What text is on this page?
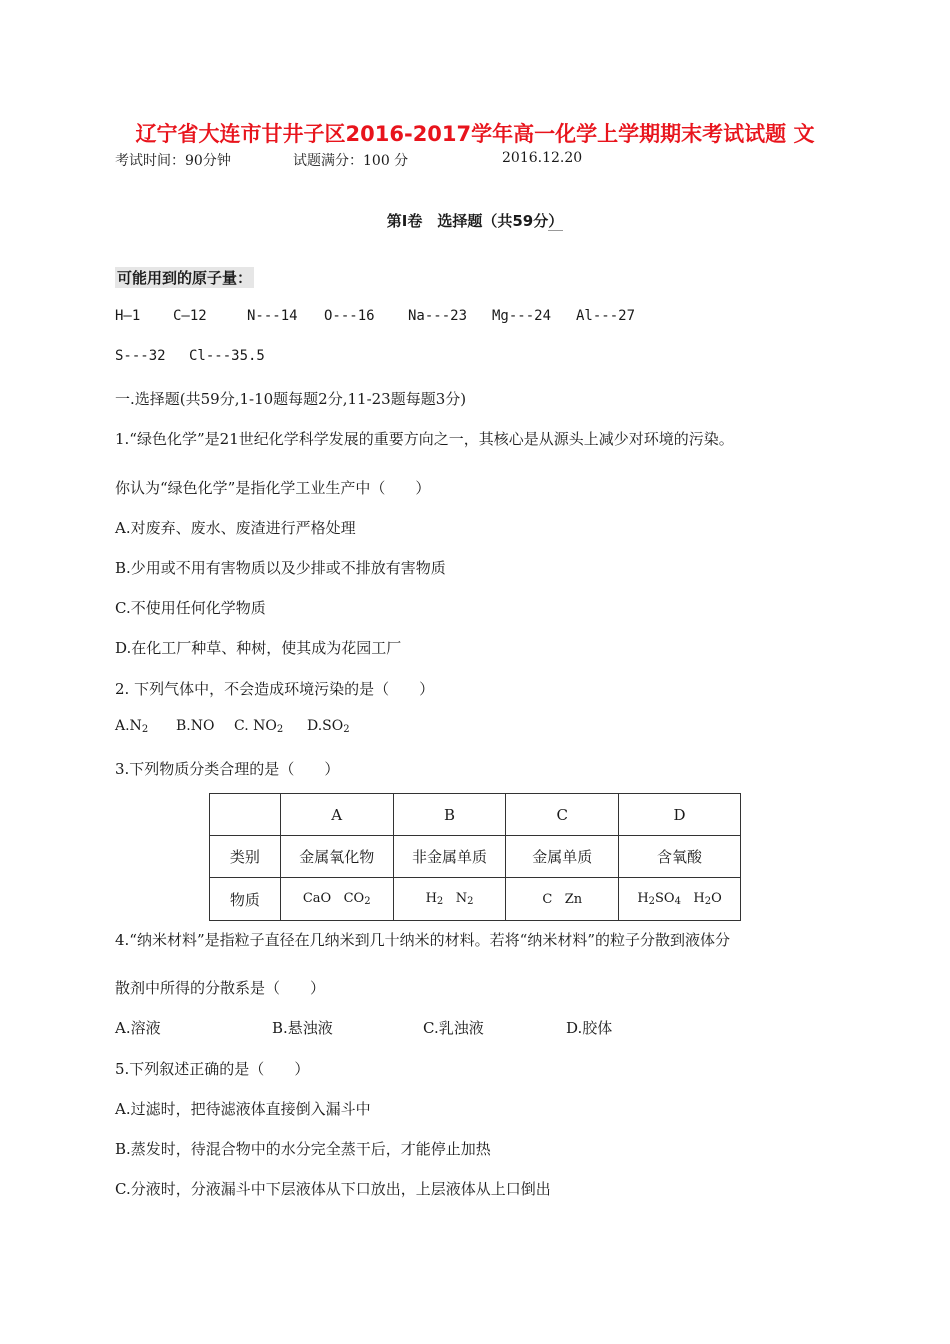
辽宁省大连市甘井子区2016-2017学年高一化学上学期期末考试试题 文
考试时间：90分钟	试题满分：100 分	2016.12.20
第Ⅰ卷　选择题（共59分）
可能用到的原子量：
H—1 C—12	N---14 O---16 Na---23 Mg---24 Al---27
S---32 Cl---35.5
一.选择题(共59分,1-10题每题2分,11-23题每题3分)
1.“绿色化学”是21世纪化学科学发展的重要方向之一，其核心是从源头上减少对环境的污染。
你认为“绿色化学”是指化学工业生产中（　　）
A.对废弃、废水、废渣进行严格处理
B.少用或不用有害物质以及少排或不排放有害物质
C.不使用任何化学物质
D.在化工厂种草、种树，使其成为花园工厂
2. 下列气体中，不会造成环境污染的是（　　）
$A.N_2$ B.NO C. $NO_2$ $D.SO_2$
3.下列物质分类合理的是（　　）
	A	B	C	D
类别	金属氧化物	非金属单质	金属单质	含氧酸
物质	CaO $CO_2$	$H_2$ $N_2$	C Zn	$H_2SO_4$ $H_2O$
4.“纳米材料”是指粒子直径在几纳米到几十纳米的材料。若将“纳米材料”的粒子分散到液体分
散剂中所得的分散系是（　　）
A.溶液	B.悬浊液	C.乳浊液	D.胶体
5.下列叙述正确的是（　　）
A.过滤时，把待滤液体直接倒入漏斗中
B.蒸发时，待混合物中的水分完全蒸干后，才能停止加热
C.分液时，分液漏斗中下层液体从下口放出，上层液体从上口倒出
